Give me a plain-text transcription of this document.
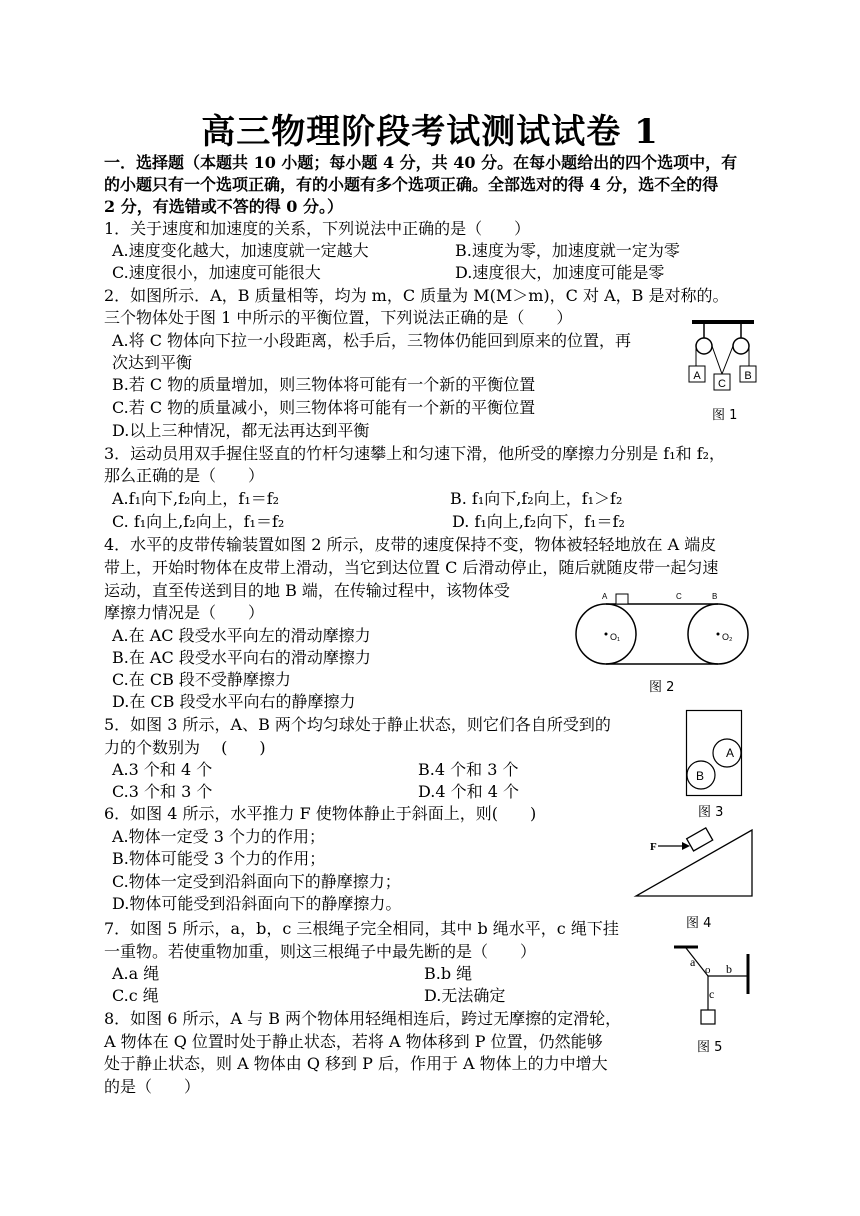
高三物理阶段考试测试试卷 1
一．选择题（本题共 10 小题；每小题 4 分，共 40 分。在每小题给出的四个选项中，有
的小题只有一个选项正确，有的小题有多个选项正确。全部选对的得 4 分，选不全的得
2 分，有选错或不答的得 0 分。）
1．关于速度和加速度的关系，下列说法中正确的是（　　）
A.速度变化越大，加速度就一定越大	B.速度为零，加速度就一定为零
C.速度很小，加速度可能很大	D.速度很大，加速度可能是零
2．如图所示．A，B 质量相等，均为 m，C 质量为 M(M＞m)，C 对 A，B 是对称的。
三个物体处于图 1 中所示的平衡位置，下列说法正确的是（　　）
A.将 C 物体向下拉一小段距离，松手后，三物体仍能回到原来的位置，再
次达到平衡
B.若 C 物的质量增加，则三物体将可能有一个新的平衡位置
C.若 C 物的质量减小，则三物体将可能有一个新的平衡位置
D.以上三种情况，都无法再达到平衡
A
C
B
图 1
3．运动员用双手握住竖直的竹杆匀速攀上和匀速下滑，他所受的摩擦力分别是 f₁和 f₂，
那么正确的是（　　）
A.f₁向下,f₂向上，f₁＝f₂	B. f₁向下,f₂向上，f₁＞f₂
C. f₁向上,f₂向上，f₁＝f₂	D. f₁向上,f₂向下，f₁＝f₂
4．水平的皮带传输装置如图 2 所示，皮带的速度保持不变，物体被轻轻地放在 A 端皮
带上，开始时物体在皮带上滑动，当它到达位置 C 后滑动停止，随后就随皮带一起匀速
运动，直至传送到目的地 B 端，在传输过程中，该物体受
摩擦力情况是（　　）
A.在 AC 段受水平向左的滑动摩擦力
B.在 AC 段受水平向右的滑动摩擦力
C.在 CB 段不受静摩擦力
D.在 CB 段受水平向右的静摩擦力
A	C	B
O₁	O₂
图 2
5．如图 3 所示，A、B 两个均匀球处于静止状态，则它们各自所受到的
力的个数别为　 (　　)
A.3 个和 4 个	B.4 个和 3 个
C.3 个和 3 个	D.4 个和 4 个
A
B
图 3
6．如图 4 所示，水平推力 F 使物体静止于斜面上，则(　　)
A.物体一定受 3 个力的作用；
B.物体可能受 3 个力的作用；
C.物体一定受到沿斜面向下的静摩擦力；
D.物体可能受到沿斜面向下的静摩擦力。
F
图 4
7．如图 5 所示，a，b，c 三根绳子完全相同，其中 b 绳水平，c 绳下挂
一重物。若使重物加重，则这三根绳子中最先断的是（　　）
A.a 绳	B.b 绳
C.c 绳	D.无法确定
a
o b
c
图 5
8．如图 6 所示，A 与 B 两个物体用轻绳相连后，跨过无摩擦的定滑轮，
A 物体在 Q 位置时处于静止状态，若将 A 物体移到 P 位置，仍然能够
处于静止状态，则 A 物体由 Q 移到 P 后，作用于 A 物体上的力中增大
的是（　　）
